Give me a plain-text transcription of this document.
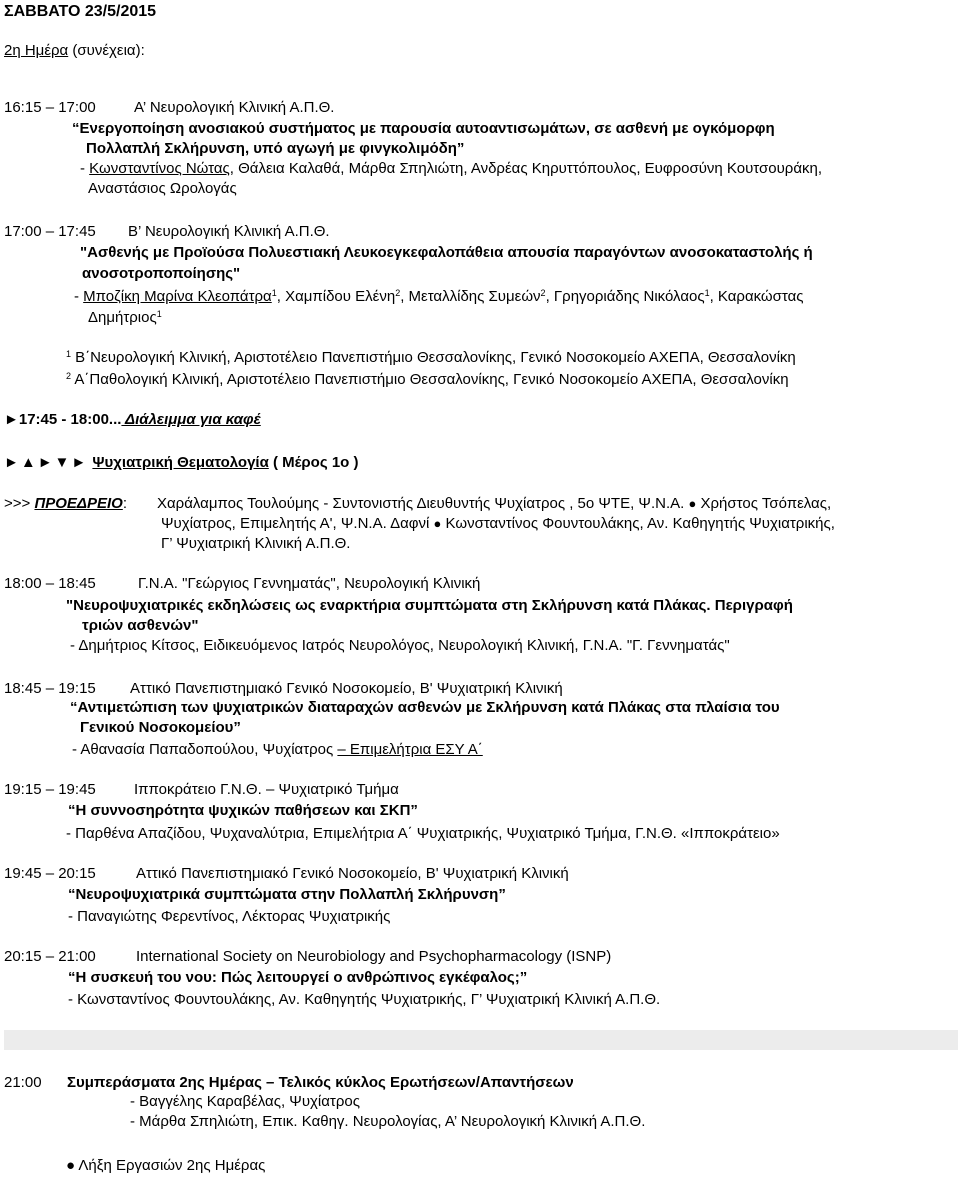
ΣΑΒΒΑΤΟ 23/5/2015
2η Ημέρα (συνέχεια):
16:15 – 17:00	Α’ Νευρολογική Κλινική Α.Π.Θ.
“Ενεργοποίηση ανοσιακού συστήματος με παρουσία αυτοαντισωμάτων, σε ασθενή με ογκόμορφη
Πολλαπλή Σκλήρυνση, υπό αγωγή με φινγκολιμόδη”
- Κωνσταντίνος Νώτας, Θάλεια Καλαθά, Μάρθα Σπηλιώτη, Ανδρέας Κηρυττόπουλος, Ευφροσύνη Κουτσουράκη,
Αναστάσιος Ωρολογάς
17:00 – 17:45 Β’ Νευρολογική Κλινική Α.Π.Θ.
"Ασθενής με Προϊούσα Πολυεστιακή Λευκοεγκεφαλοπάθεια απουσία παραγόντων ανοσοκαταστολής ή
ανοσοτροποποίησης"
- Μποζίκη Μαρίνα Κλεοπάτρα$^1$, Χαμπίδου Ελένη$^2$, Μεταλλίδης Συμεών$^2$, Γρηγοριάδης Νικόλαος$^1$, Καρακώστας
Δημήτριος$^1$
$^1$ Β΄Νευρολογική Κλινική, Αριστοτέλειο Πανεπιστήμιο Θεσσαλονίκης, Γενικό Νοσοκομείο ΑΧΕΠΑ, Θεσσαλονίκη
$^2$ Α΄Παθολογική Κλινική, Αριστοτέλειο Πανεπιστήμιο Θεσσαλονίκης, Γενικό Νοσοκομείο ΑΧΕΠΑ, Θεσσαλονίκη
►17:45 - 18:00... Διάλειμμα για καφέ
►▲►▼► Ψυχιατρική Θεματολογία ( Μέρος 1ο )
>>> ΠΡΟΕΔΡΕΙΟ: Χαράλαμπος Τουλούμης - Συντονιστής Διευθυντής Ψυχίατρος , 5ο ΨΤΕ, Ψ.Ν.Α. ● Χρήστος Τσόπελας,
Ψυχίατρος, Επιμελητής Α', Ψ.Ν.Α. Δαφνί ● Κωνσταντίνος Φουντουλάκης, Αν. Καθηγητής Ψυχιατρικής,
Γ’ Ψυχιατρική Κλινική Α.Π.Θ.
18:00 – 18:45	Γ.Ν.Α. "Γεώργιος Γεννηματάς", Νευρολογική Κλινική
"Νευροψυχιατρικές εκδηλώσεις ως εναρκτήρια συμπτώματα στη Σκλήρυνση κατά Πλάκας. Περιγραφή
τριών ασθενών"
- Δημήτριος Κίτσος, Ειδικευόμενος Ιατρός Νευρολόγος, Νευρολογική Κλινική, Γ.Ν.Α. "Γ. Γεννηματάς"
18:45 – 19:15 Αττικό Πανεπιστημιακό Γενικό Νοσοκομείο, Β' Ψυχιατρική Κλινική
“Αντιμετώπιση των ψυχιατρικών διαταραχών ασθενών με Σκλήρυνση κατά Πλάκας στα πλαίσια του
Γενικού Νοσοκομείου”
- Αθανασία Παπαδοπούλου, Ψυχίατρος – Επιμελήτρια ΕΣΥ Α΄
19:15 – 19:45	Ιπποκράτειο Γ.Ν.Θ. – Ψυχιατρικό Τμήμα
“Η συννοσηρότητα ψυχικών παθήσεων και ΣΚΠ”
- Παρθένα Απαζίδου, Ψυχαναλύτρια, Επιμελήτρια Α΄ Ψυχιατρικής, Ψυχιατρικό Τμήμα, Γ.Ν.Θ. «Ιπποκράτειο»
19:45 – 20:15	Αττικό Πανεπιστημιακό Γενικό Νοσοκομείο, Β' Ψυχιατρική Κλινική
“Νευροψυχιατρικά συμπτώματα στην Πολλαπλή Σκλήρυνση”
- Παναγιώτης Φερεντίνος, Λέκτορας Ψυχιατρικής
20:15 – 21:00	International Society on Neurobiology and Psychopharmacology (ISNP)
“Η συσκευή του νου: Πώς λειτουργεί ο ανθρώπινος εγκέφαλος;”
- Κωνσταντίνος Φουντουλάκης, Αν. Καθηγητής Ψυχιατρικής, Γ’ Ψυχιατρική Κλινική Α.Π.Θ.
21:00 Συμπεράσματα 2ης Ημέρας – Τελικός κύκλος Ερωτήσεων/Απαντήσεων
- Βαγγέλης Καραβέλας, Ψυχίατρος
- Μάρθα Σπηλιώτη, Επικ. Καθηγ. Νευρολογίας, Α’ Νευρολογική Κλινική Α.Π.Θ.
● Λήξη Εργασιών 2ης Ημέρας
